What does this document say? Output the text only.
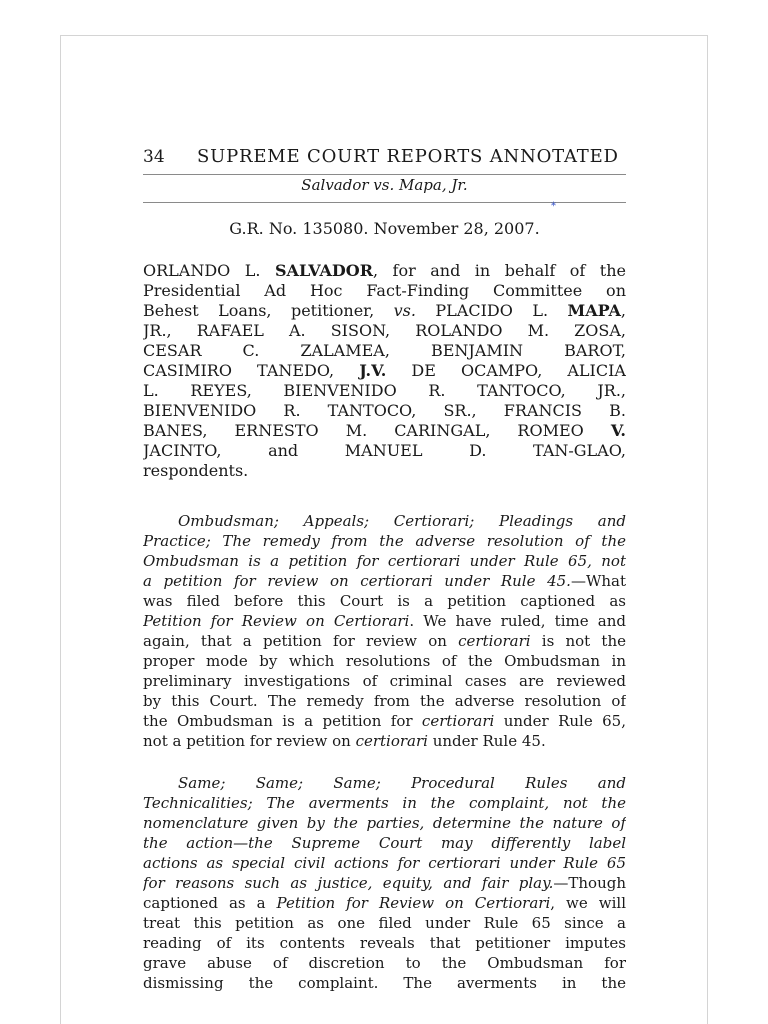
34 SUPREME COURT REPORTS ANNOTATED
Salvador vs. Mapa, Jr.
*
G.R. No. 135080. November 28, 2007.
ORLANDO L. SALVADOR, for and in behalf of the
Presidential Ad Hoc Fact-Finding Committee on
Behest Loans, petitioner, vs. PLACIDO L. MAPA,
JR., RAFAEL A. SISON, ROLANDO M. ZOSA,
CESAR C. ZALAMEA, BENJAMIN BAROT,
CASIMIRO TANEDO, J.V. DE OCAMPO, ALICIA
L. REYES, BIENVENIDO R. TANTOCO, JR.,
BIENVENIDO R. TANTOCO, SR., FRANCIS B.
BANES, ERNESTO M. CARINGAL, ROMEO V.
JACINTO, and MANUEL D. TAN-GLAO,
respondents.
Ombudsman; Appeals; Certiorari; Pleadings and
Practice; The remedy from the adverse resolution of the
Ombudsman is a petition for certiorari under Rule 65, not
a petition for review on certiorari under Rule 45.—What
was filed before this Court is a petition captioned as
Petition for Review on Certiorari. We have ruled, time and
again, that a petition for review on certiorari is not the
proper mode by which resolutions of the Ombudsman in
preliminary investigations of criminal cases are reviewed
by this Court. The remedy from the adverse resolution of
the Ombudsman is a petition for certiorari under Rule 65,
not a petition for review on certiorari under Rule 45.
Same; Same; Same; Procedural Rules and
Technicalities; The averments in the complaint, not the
nomenclature given by the parties, determine the nature of
the action—the Supreme Court may differently label
actions as special civil actions for certiorari under Rule 65
for reasons such as justice, equity, and fair play.—Though
captioned as a Petition for Review on Certiorari, we will
treat this petition as one filed under Rule 65 since a
reading of its contents reveals that petitioner imputes
grave abuse of discretion to the Ombudsman for
dismissing the complaint. The averments in the
